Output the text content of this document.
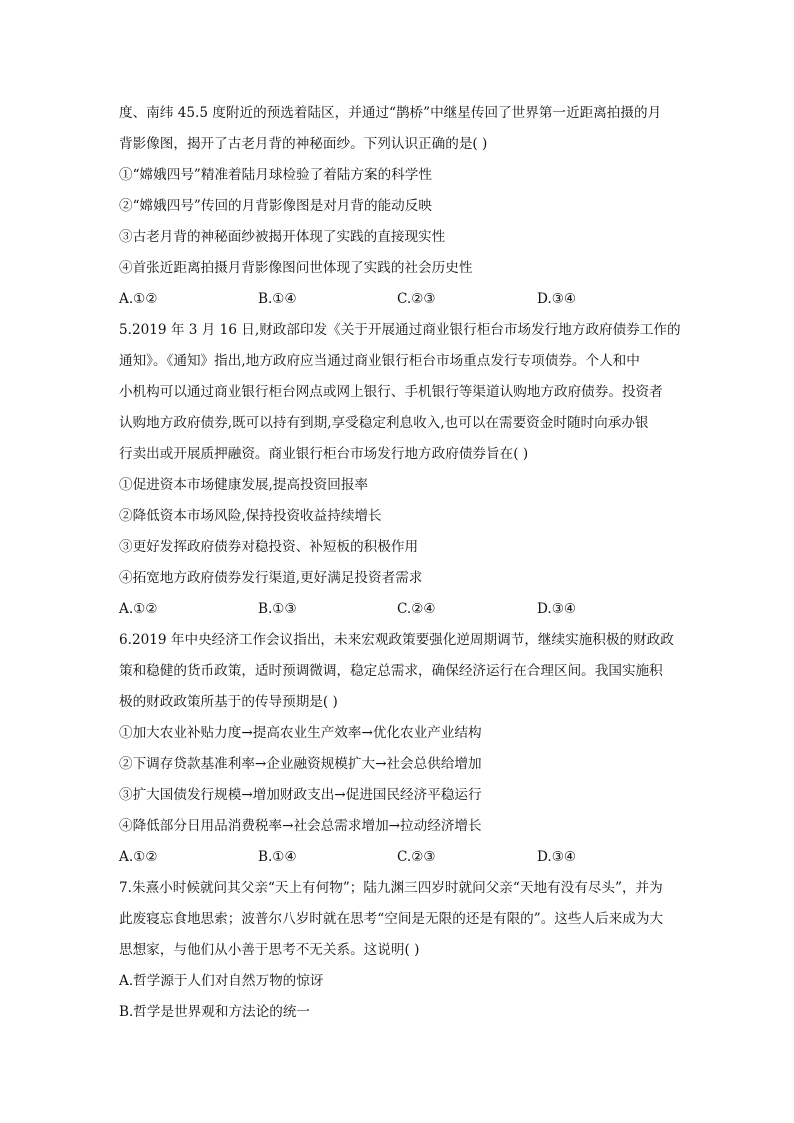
度、南纬 45.5 度附近的预选着陆区，并通过“鹊桥”中继星传回了世界第一近距离拍摄的月
背影像图，揭开了古老月背的神秘面纱。下列认识正确的是( )
①“嫦娥四号”精准着陆月球检验了着陆方案的科学性
②“嫦娥四号”传回的月背影像图是对月背的能动反映
③古老月背的神秘面纱被揭开体现了实践的直接现实性
④首张近距离拍摄月背影像图问世体现了实践的社会历史性
A.①②	B.①④	C.②③	D.③④
5.2019 年 3 月 16 日,财政部印发《关于开展通过商业银行柜台市场发行地方政府债券工作的
通知》。《通知》指出,地方政府应当通过商业银行柜台市场重点发行专项债券。个人和中
小机构可以通过商业银行柜台网点或网上银行、手机银行等渠道认购地方政府债券。投资者
认购地方政府债券,既可以持有到期,享受稳定利息收入,也可以在需要资金时随时向承办银
行卖出或开展质押融资。商业银行柜台市场发行地方政府债券旨在( )
①促进资本市场健康发展,提高投资回报率
②降低资本市场风险,保持投资收益持续增长
③更好发挥政府债券对稳投资、补短板的积极作用
④拓宽地方政府债券发行渠道,更好满足投资者需求
A.①②	B.①③	C.②④	D.③④
6.2019 年中央经济工作会议指出，未来宏观政策要强化逆周期调节，继续实施积极的财政政
策和稳健的货币政策，适时预调微调，稳定总需求，确保经济运行在合理区间。我国实施积
极的财政政策所基于的传导预期是( )
①加大农业补贴力度→提高农业生产效率→优化农业产业结构
②下调存贷款基准利率→企业融资规模扩大→社会总供给增加
③扩大国债发行规模→增加财政支出→促进国民经济平稳运行
④降低部分日用品消费税率→社会总需求增加→拉动经济增长
A.①②	B.①④	C.②③	D.③④
7.朱熹小时候就问其父亲“天上有何物”；陆九渊三四岁时就问父亲“天地有没有尽头”，并为
此废寝忘食地思索；波普尔八岁时就在思考“空间是无限的还是有限的”。这些人后来成为大
思想家，与他们从小善于思考不无关系。这说明( )
A.哲学源于人们对自然万物的惊讶
B.哲学是世界观和方法论的统一
